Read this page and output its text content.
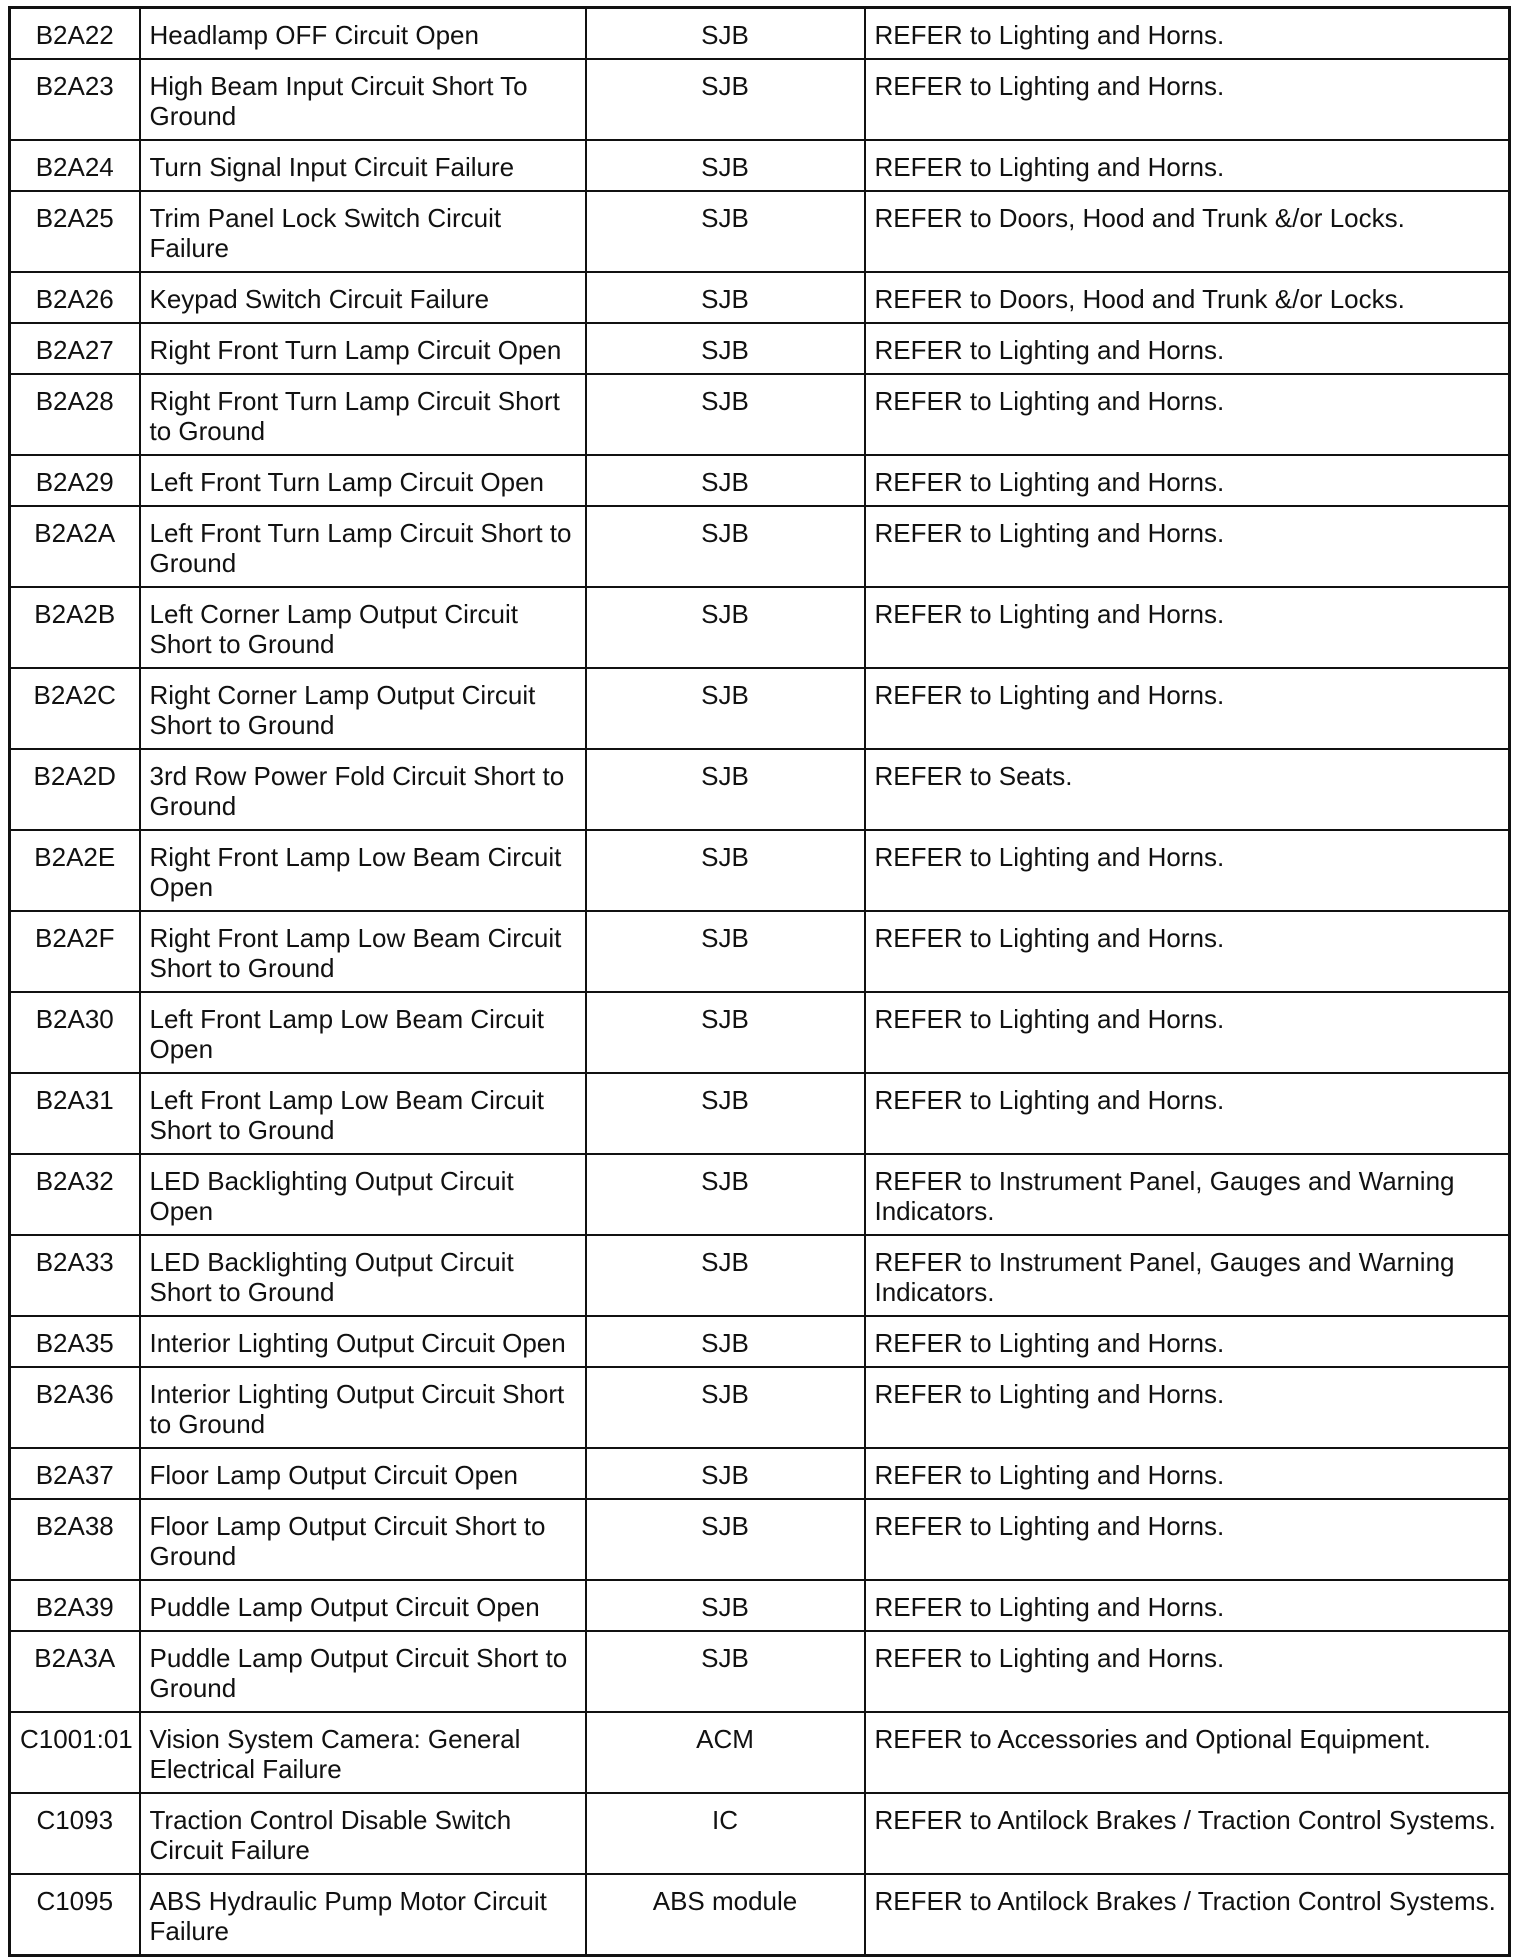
B2A22	Headlamp OFF Circuit Open	SJB	REFER to Lighting and Horns.
B2A23	High Beam Input Circuit Short To Ground	SJB	REFER to Lighting and Horns.
B2A24	Turn Signal Input Circuit Failure	SJB	REFER to Lighting and Horns.
B2A25	Trim Panel Lock Switch Circuit Failure	SJB	REFER to Doors, Hood and Trunk &/or Locks.
B2A26	Keypad Switch Circuit Failure	SJB	REFER to Doors, Hood and Trunk &/or Locks.
B2A27	Right Front Turn Lamp Circuit Open	SJB	REFER to Lighting and Horns.
B2A28	Right Front Turn Lamp Circuit Short to Ground	SJB	REFER to Lighting and Horns.
B2A29	Left Front Turn Lamp Circuit Open	SJB	REFER to Lighting and Horns.
B2A2A	Left Front Turn Lamp Circuit Short to Ground	SJB	REFER to Lighting and Horns.
B2A2B	Left Corner Lamp Output Circuit Short to Ground	SJB	REFER to Lighting and Horns.
B2A2C	Right Corner Lamp Output Circuit Short to Ground	SJB	REFER to Lighting and Horns.
B2A2D	3rd Row Power Fold Circuit Short to Ground	SJB	REFER to Seats.
B2A2E	Right Front Lamp Low Beam Circuit Open	SJB	REFER to Lighting and Horns.
B2A2F	Right Front Lamp Low Beam Circuit Short to Ground	SJB	REFER to Lighting and Horns.
B2A30	Left Front Lamp Low Beam Circuit Open	SJB	REFER to Lighting and Horns.
B2A31	Left Front Lamp Low Beam Circuit Short to Ground	SJB	REFER to Lighting and Horns.
B2A32	LED Backlighting Output Circuit Open	SJB	REFER to Instrument Panel, Gauges and Warning Indicators.
B2A33	LED Backlighting Output Circuit Short to Ground	SJB	REFER to Instrument Panel, Gauges and Warning Indicators.
B2A35	Interior Lighting Output Circuit Open	SJB	REFER to Lighting and Horns.
B2A36	Interior Lighting Output Circuit Short to Ground	SJB	REFER to Lighting and Horns.
B2A37	Floor Lamp Output Circuit Open	SJB	REFER to Lighting and Horns.
B2A38	Floor Lamp Output Circuit Short to Ground	SJB	REFER to Lighting and Horns.
B2A39	Puddle Lamp Output Circuit Open	SJB	REFER to Lighting and Horns.
B2A3A	Puddle Lamp Output Circuit Short to Ground	SJB	REFER to Lighting and Horns.
C1001:01	Vision System Camera: General Electrical Failure	ACM	REFER to Accessories and Optional Equipment.
C1093	Traction Control Disable Switch Circuit Failure	IC	REFER to Antilock Brakes / Traction Control Systems.
C1095	ABS Hydraulic Pump Motor Circuit Failure	ABS module	REFER to Antilock Brakes / Traction Control Systems.
